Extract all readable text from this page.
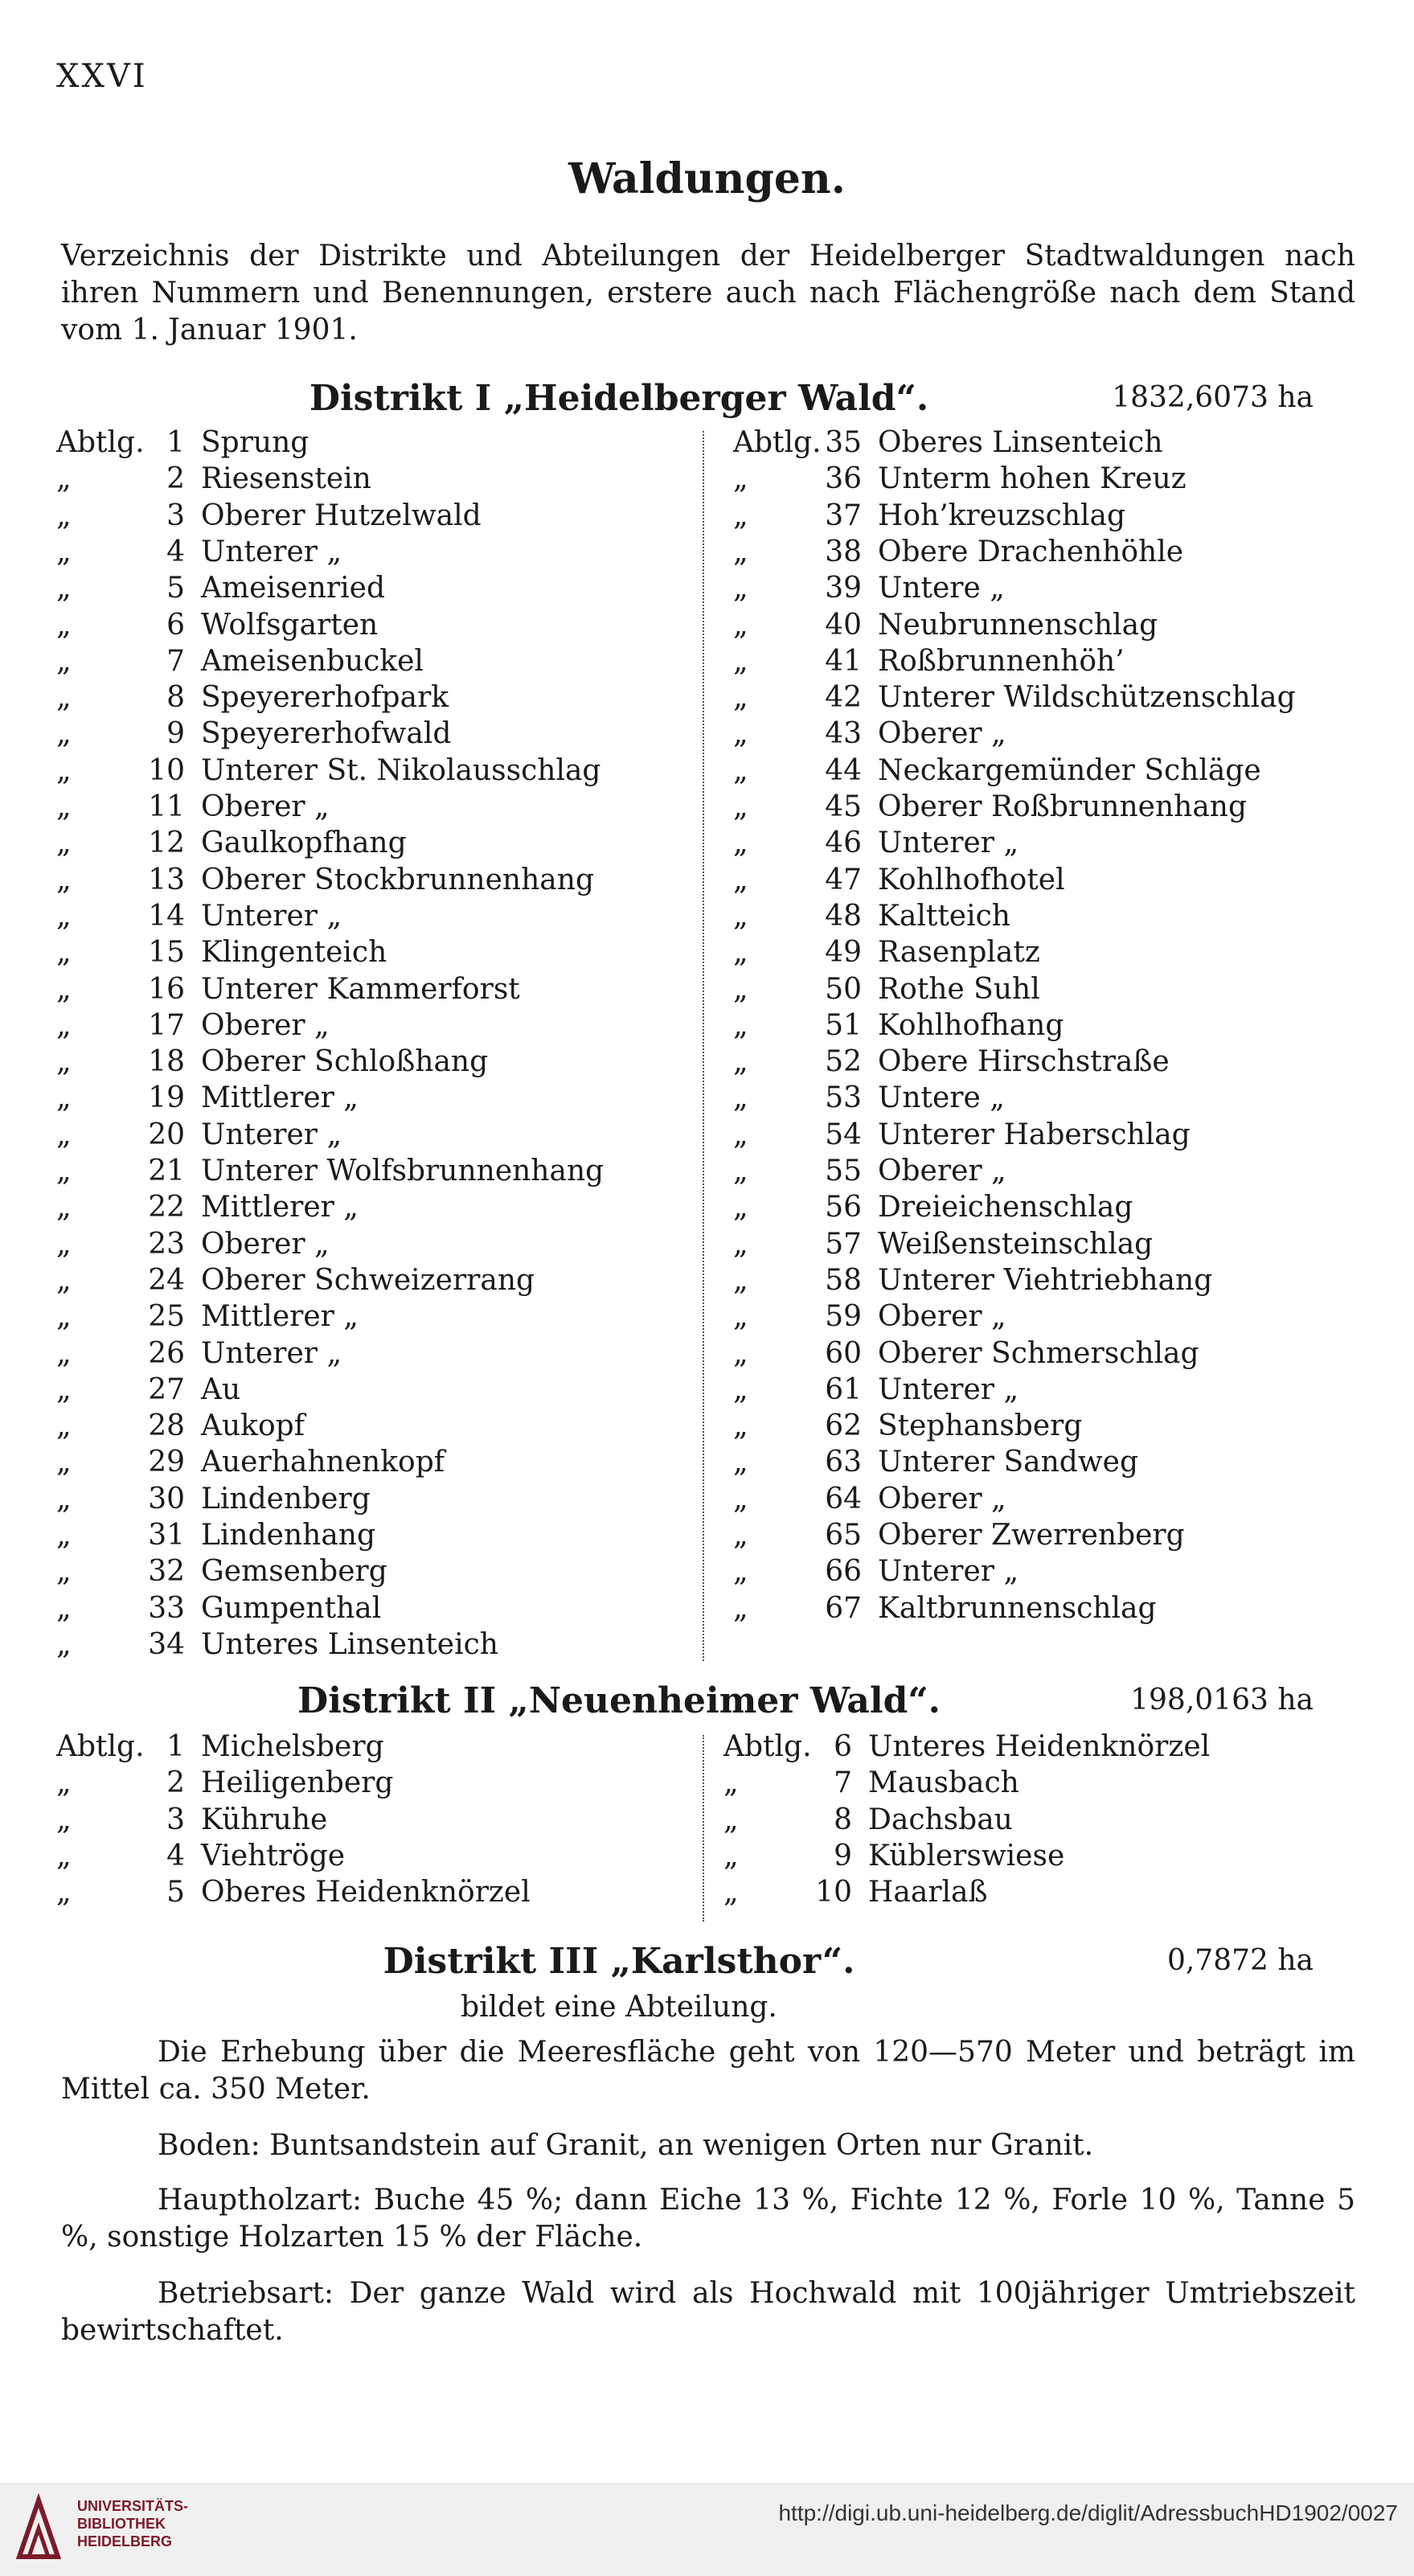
XXVI
Waldungen.
Verzeichnis der Distrikte und Abteilungen der Heidelberger Stadtwaldungen nach ihren Nummern und Benennungen, erstere auch nach Flächengröße nach dem Stand vom 1. Januar 1901.
Distrikt I „Heidelberger Wald“.	1832,6073 ha
Abtlg. 1 Sprung
„	2 Riesenstein
„	3 Oberer Hutzelwald
„	4 Unterer „
„	5 Ameisenried
„	6 Wolfsgarten
„	7 Ameisenbuckel
„	8 Speyererhofpark
„	9 Speyererhofwald
„	10 Unterer St. Nikolausschlag
„	11 Oberer „
„	12 Gaulkopfhang
„	13 Oberer Stockbrunnenhang
„	14 Unterer „
„	15 Klingenteich
„	16 Unterer Kammerforst
„	17 Oberer „
„	18 Oberer Schloßhang
„	19 Mittlerer „
„	20 Unterer „
„	21 Unterer Wolfsbrunnenhang
„	22 Mittlerer „
„	23 Oberer „
„	24 Oberer Schweizerrang
„	25 Mittlerer „
„	26 Unterer „
„	27 Au
„	28 Aukopf
„	29 Auerhahnenkopf
„	30 Lindenberg
„	31 Lindenhang
„	32 Gemsenberg
„	33 Gumpenthal
„	34 Unteres Linsenteich
Abtlg. 35 Oberes Linsenteich
„	36 Unterm hohen Kreuz
„	37 Hoh’kreuzschlag
„	38 Obere Drachenhöhle
„	39 Untere „
„	40 Neubrunnenschlag
„	41 Roßbrunnenhöh’
„	42 Unterer Wildschützenschlag
„	43 Oberer „
„	44 Neckargemünder Schläge
„	45 Oberer Roßbrunnenhang
„	46 Unterer „
„	47 Kohlhofhotel
„	48 Kaltteich
„	49 Rasenplatz
„	50 Rothe Suhl
„	51 Kohlhofhang
„	52 Obere Hirschstraße
„	53 Untere „
„	54 Unterer Haberschlag
„	55 Oberer „
„	56 Dreieichenschlag
„	57 Weißensteinschlag
„	58 Unterer Viehtriebhang
„	59 Oberer „
„	60 Oberer Schmerschlag
„	61 Unterer „
„	62 Stephansberg
„	63 Unterer Sandweg
„	64 Oberer „
„	65 Oberer Zwerrenberg
„	66 Unterer „
„	67 Kaltbrunnenschlag
Distrikt II „Neuenheimer Wald“.	198,0163 ha
Abtlg. 1 Michelsberg
„	2 Heiligenberg
„	3 Kühruhe
„	4 Viehtröge
„	5 Oberes Heidenknörzel
Abtlg. 6 Unteres Heidenknörzel
„	7 Mausbach
„	8 Dachsbau
„	9 Küblerswiese
„	10 Haarlaß
Distrikt III „Karlsthor“.	0,7872 ha
bildet eine Abteilung.
Die Erhebung über die Meeresfläche geht von 120—570 Meter und beträgt im Mittel ca. 350 Meter.
Boden: Buntsandstein auf Granit, an wenigen Orten nur Granit.
Hauptholzart: Buche 45 %; dann Eiche 13 %, Fichte 12 %, Forle 10 %, Tanne 5 %, sonstige Holzarten 15 % der Fläche.
Betriebsart: Der ganze Wald wird als Hochwald mit 100jähriger Umtriebszeit bewirtschaftet.
UNIVERSITÄTS-
BIBLIOTHEK
HEIDELBERG
http://digi.ub.uni-heidelberg.de/diglit/AdressbuchHD1902/0027
